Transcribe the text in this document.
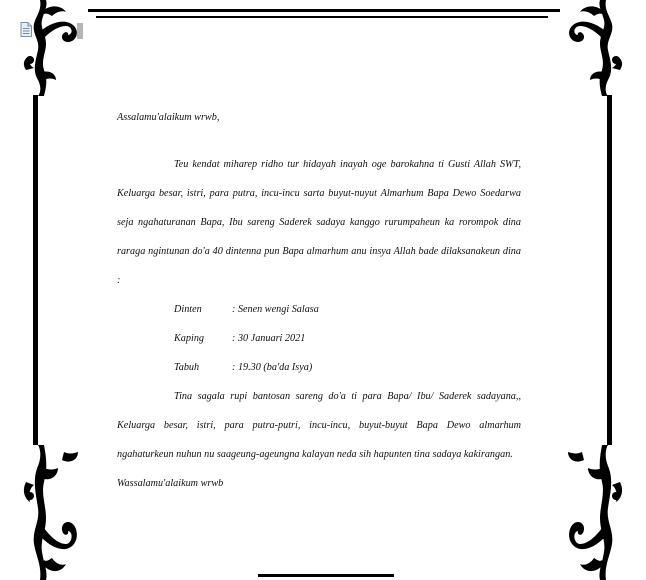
Assalamu'alaikum wrwb,

Teu kendat miharep ridho tur hidayah inayah oge barokahna ti Gusti Allah SWT, Keluarga besar, istri, para putra, incu-incu sarta buyut-nuyut Almarhum Bapa Dewo Soedarwa seja ngahaturanan Bapa, Ibu sareng Saderek sadaya kanggo rurumpaheun ka rorompok dina raraga ngintunan do'a 40 dintenna pun Bapa almarhum anu insya Allah bade dilaksanakeun dina :

Dinten	: Senen wengi Salasa
Kaping	: 30 Januari 2021
Tabuh	: 19.30 (ba'da Isya)

Tina sagala rupi bantosan sareng do'a ti para Bapa/ Ibu/ Saderek sadayana,, Keluarga besar, istri, para putra-putri, incu-incu, buyut-buyut Bapa Dewo almarhum ngahaturkeun nuhun nu saageung-ageungna kalayan neda sih hapunten tina sadaya kakirangan.

Wassalamu'alaikum wrwb
